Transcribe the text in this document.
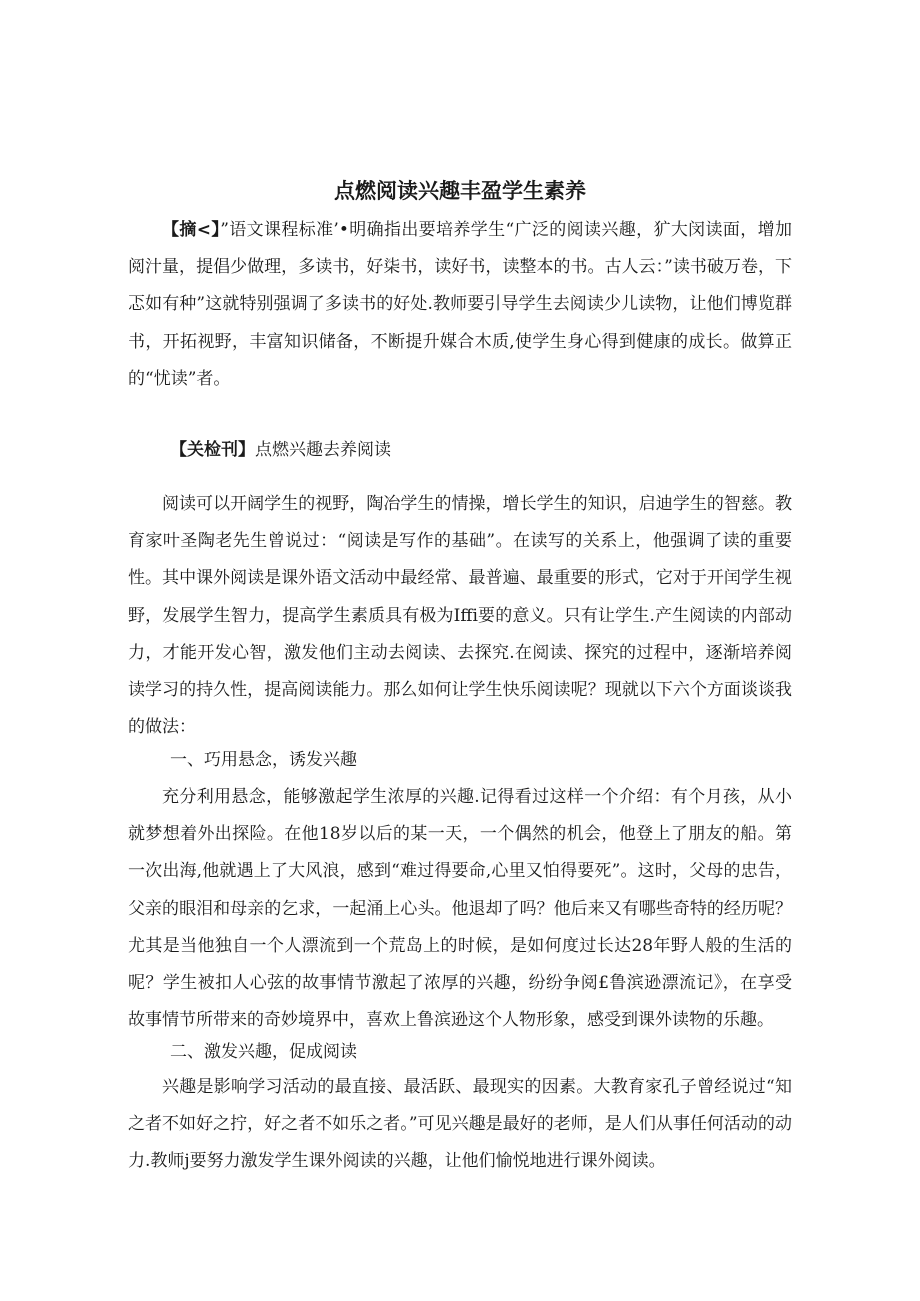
点燃阅读兴趣丰盈学生素养

【摘<】”语文课程标准’•明确指出要培养学生“广泛的阅读兴趣，犷大闵读面，增加阅汁量，提倡少做理，多读书，好柒书，读好书，读整本的书。古人云：”读书破万卷，下忑如有种”这就特别强调了多读书的好处.教师要引导学生去阅读少儿读物，让他们博览群书，开拓视野，丰富知识储备，不断提升媒合木质,使学生身心得到健康的成长。做算正的“忧读”者。

【关检刊】点燃兴趣去养阅读

阅读可以开阔学生的视野，陶冶学生的情操，增长学生的知识，启迪学生的智慈。教育家叶圣陶老先生曾说过：“阅读是写作的基础”。在读写的关系上，他强调了读的重要性。其中课外阅读是课外语文活动中最经常、最普遍、最重要的形式，它对于开闰学生视野，发展学生智力，提高学生素质具有极为Iffi要的意义。只有让学生.产生阅读的内部动力，才能开发心智，激发他们主动去阅读、去探究.在阅读、探究的过程中，逐渐培养阅读学习的持久性，提高阅读能力。那么如何让学生快乐阅读呢？现就以下六个方面谈谈我的做法：

一、巧用悬念，诱发兴趣

充分利用悬念，能够激起学生浓厚的兴趣.记得看过这样一个介绍：有个月孩，从小就梦想着外出探险。在他18岁以后的某一天，一个偶然的机会，他登上了朋友的船。第一次出海,他就遇上了大风浪，感到“难过得要命,心里又怕得要死”。这时，父母的忠告，父亲的眼泪和母亲的乞求，一起涌上心头。他退却了吗？他后来又有哪些奇特的经历呢？尤其是当他独自一个人漂流到一个荒岛上的时候，是如何度过长达28年野人般的生活的呢？学生被扣人心弦的故事情节激起了浓厚的兴趣，纷纷争阅£鲁滨逊漂流记》，在享受故事情节所带来的奇妙境界中，喜欢上鲁滨逊这个人物形象，感受到课外读物的乐趣。

二、激发兴趣，促成阅读

兴趣是影响学习活动的最直接、最活跃、最现实的因素。大教育家孔子曾经说过“知之者不如好之拧，好之者不如乐之者。”可见兴趣是最好的老师，是人们从事任何活动的动力.教师j要努力激发学生课外阅读的兴趣，让他们愉悦地进行课外阅读。
